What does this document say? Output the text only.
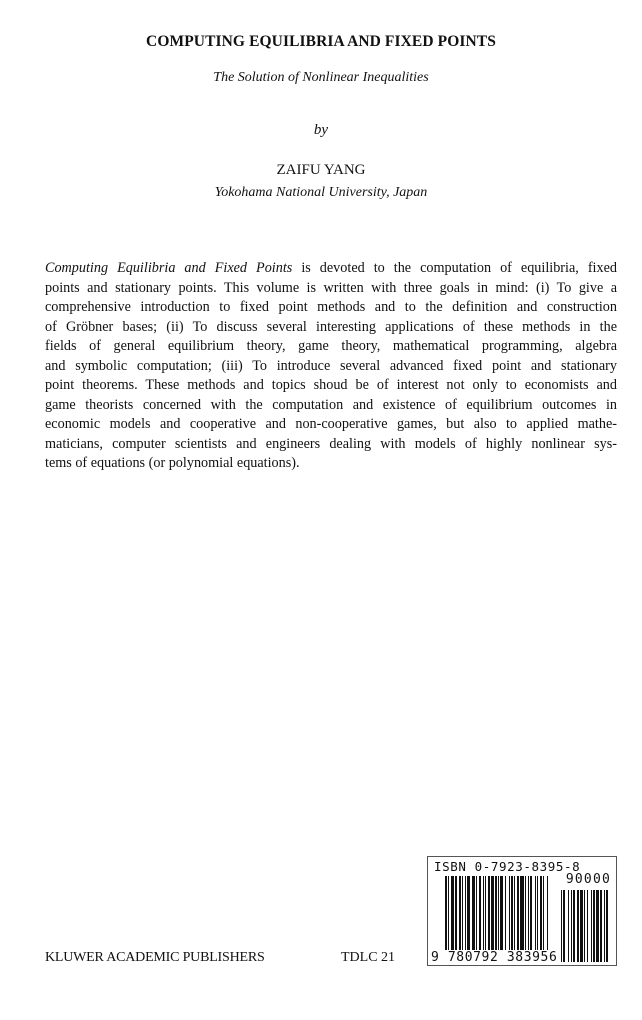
COMPUTING EQUILIBRIA AND FIXED POINTS
The Solution of Nonlinear Inequalities
by
ZAIFU YANG
Yokohama National University, Japan
Computing Equilibria and Fixed Points is devoted to the computation of equilibria, fixed
points and stationary points. This volume is written with three goals in mind: (i) To give a
comprehensive introduction to fixed point methods and to the definition and construction
of Gröbner bases; (ii) To discuss several interesting applications of these methods in the
fields of general equilibrium theory, game theory, mathematical programming, algebra
and symbolic computation; (iii) To introduce several advanced fixed point and stationary
point theorems. These methods and topics shoud be of interest not only to economists and
game theorists concerned with the computation and existence of equilibrium outcomes in
economic models and cooperative and non-cooperative games, but also to applied mathe-
maticians, computer scientists and engineers dealing with models of highly nonlinear sys-
tems of equations (or polynomial equations).
KLUWER ACADEMIC PUBLISHERS	TDLC 21
ISBN 0-7923-8395-8
90000
9 780792 383956
